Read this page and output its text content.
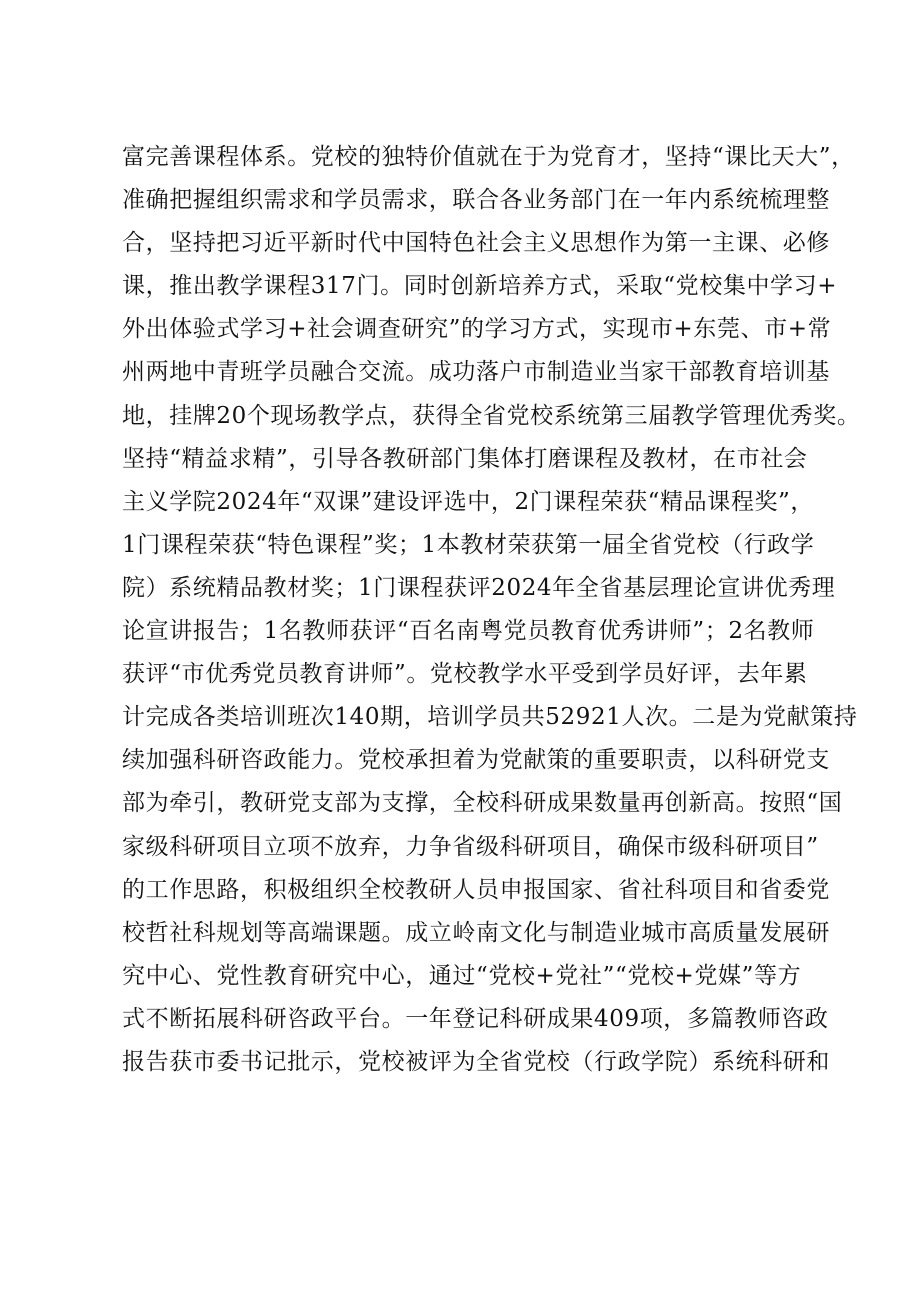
富完善课程体系。党校的独特价值就在于为党育才，坚持“课比天大”，
准确把握组织需求和学员需求，联合各业务部门在一年内系统梳理整
合，坚持把习近平新时代中国特色社会主义思想作为第一主课、必修
课，推出教学课程317门。同时创新培养方式，采取“党校集中学习+
外出体验式学习+社会调查研究”的学习方式，实现市+东莞、市+常
州两地中青班学员融合交流。成功落户市制造业当家干部教育培训基
地，挂牌20个现场教学点，获得全省党校系统第三届教学管理优秀奖。
坚持“精益求精”，引导各教研部门集体打磨课程及教材，在市社会
主义学院2024年“双课”建设评选中，2门课程荣获“精品课程奖”，
1门课程荣获“特色课程”奖；1本教材荣获第一届全省党校（行政学
院）系统精品教材奖；1门课程获评2024年全省基层理论宣讲优秀理
论宣讲报告；1名教师获评“百名南粤党员教育优秀讲师”；2名教师
获评“市优秀党员教育讲师”。党校教学水平受到学员好评，去年累
计完成各类培训班次140期，培训学员共52921人次。二是为党献策持
续加强科研咨政能力。党校承担着为党献策的重要职责，以科研党支
部为牵引，教研党支部为支撑，全校科研成果数量再创新高。按照“国
家级科研项目立项不放弃，力争省级科研项目，确保市级科研项目”
的工作思路，积极组织全校教研人员申报国家、省社科项目和省委党
校哲社科规划等高端课题。成立岭南文化与制造业城市高质量发展研
究中心、党性教育研究中心，通过“党校+党社”“党校+党媒”等方
式不断拓展科研咨政平台。一年登记科研成果409项，多篇教师咨政
报告获市委书记批示，党校被评为全省党校（行政学院）系统科研和
